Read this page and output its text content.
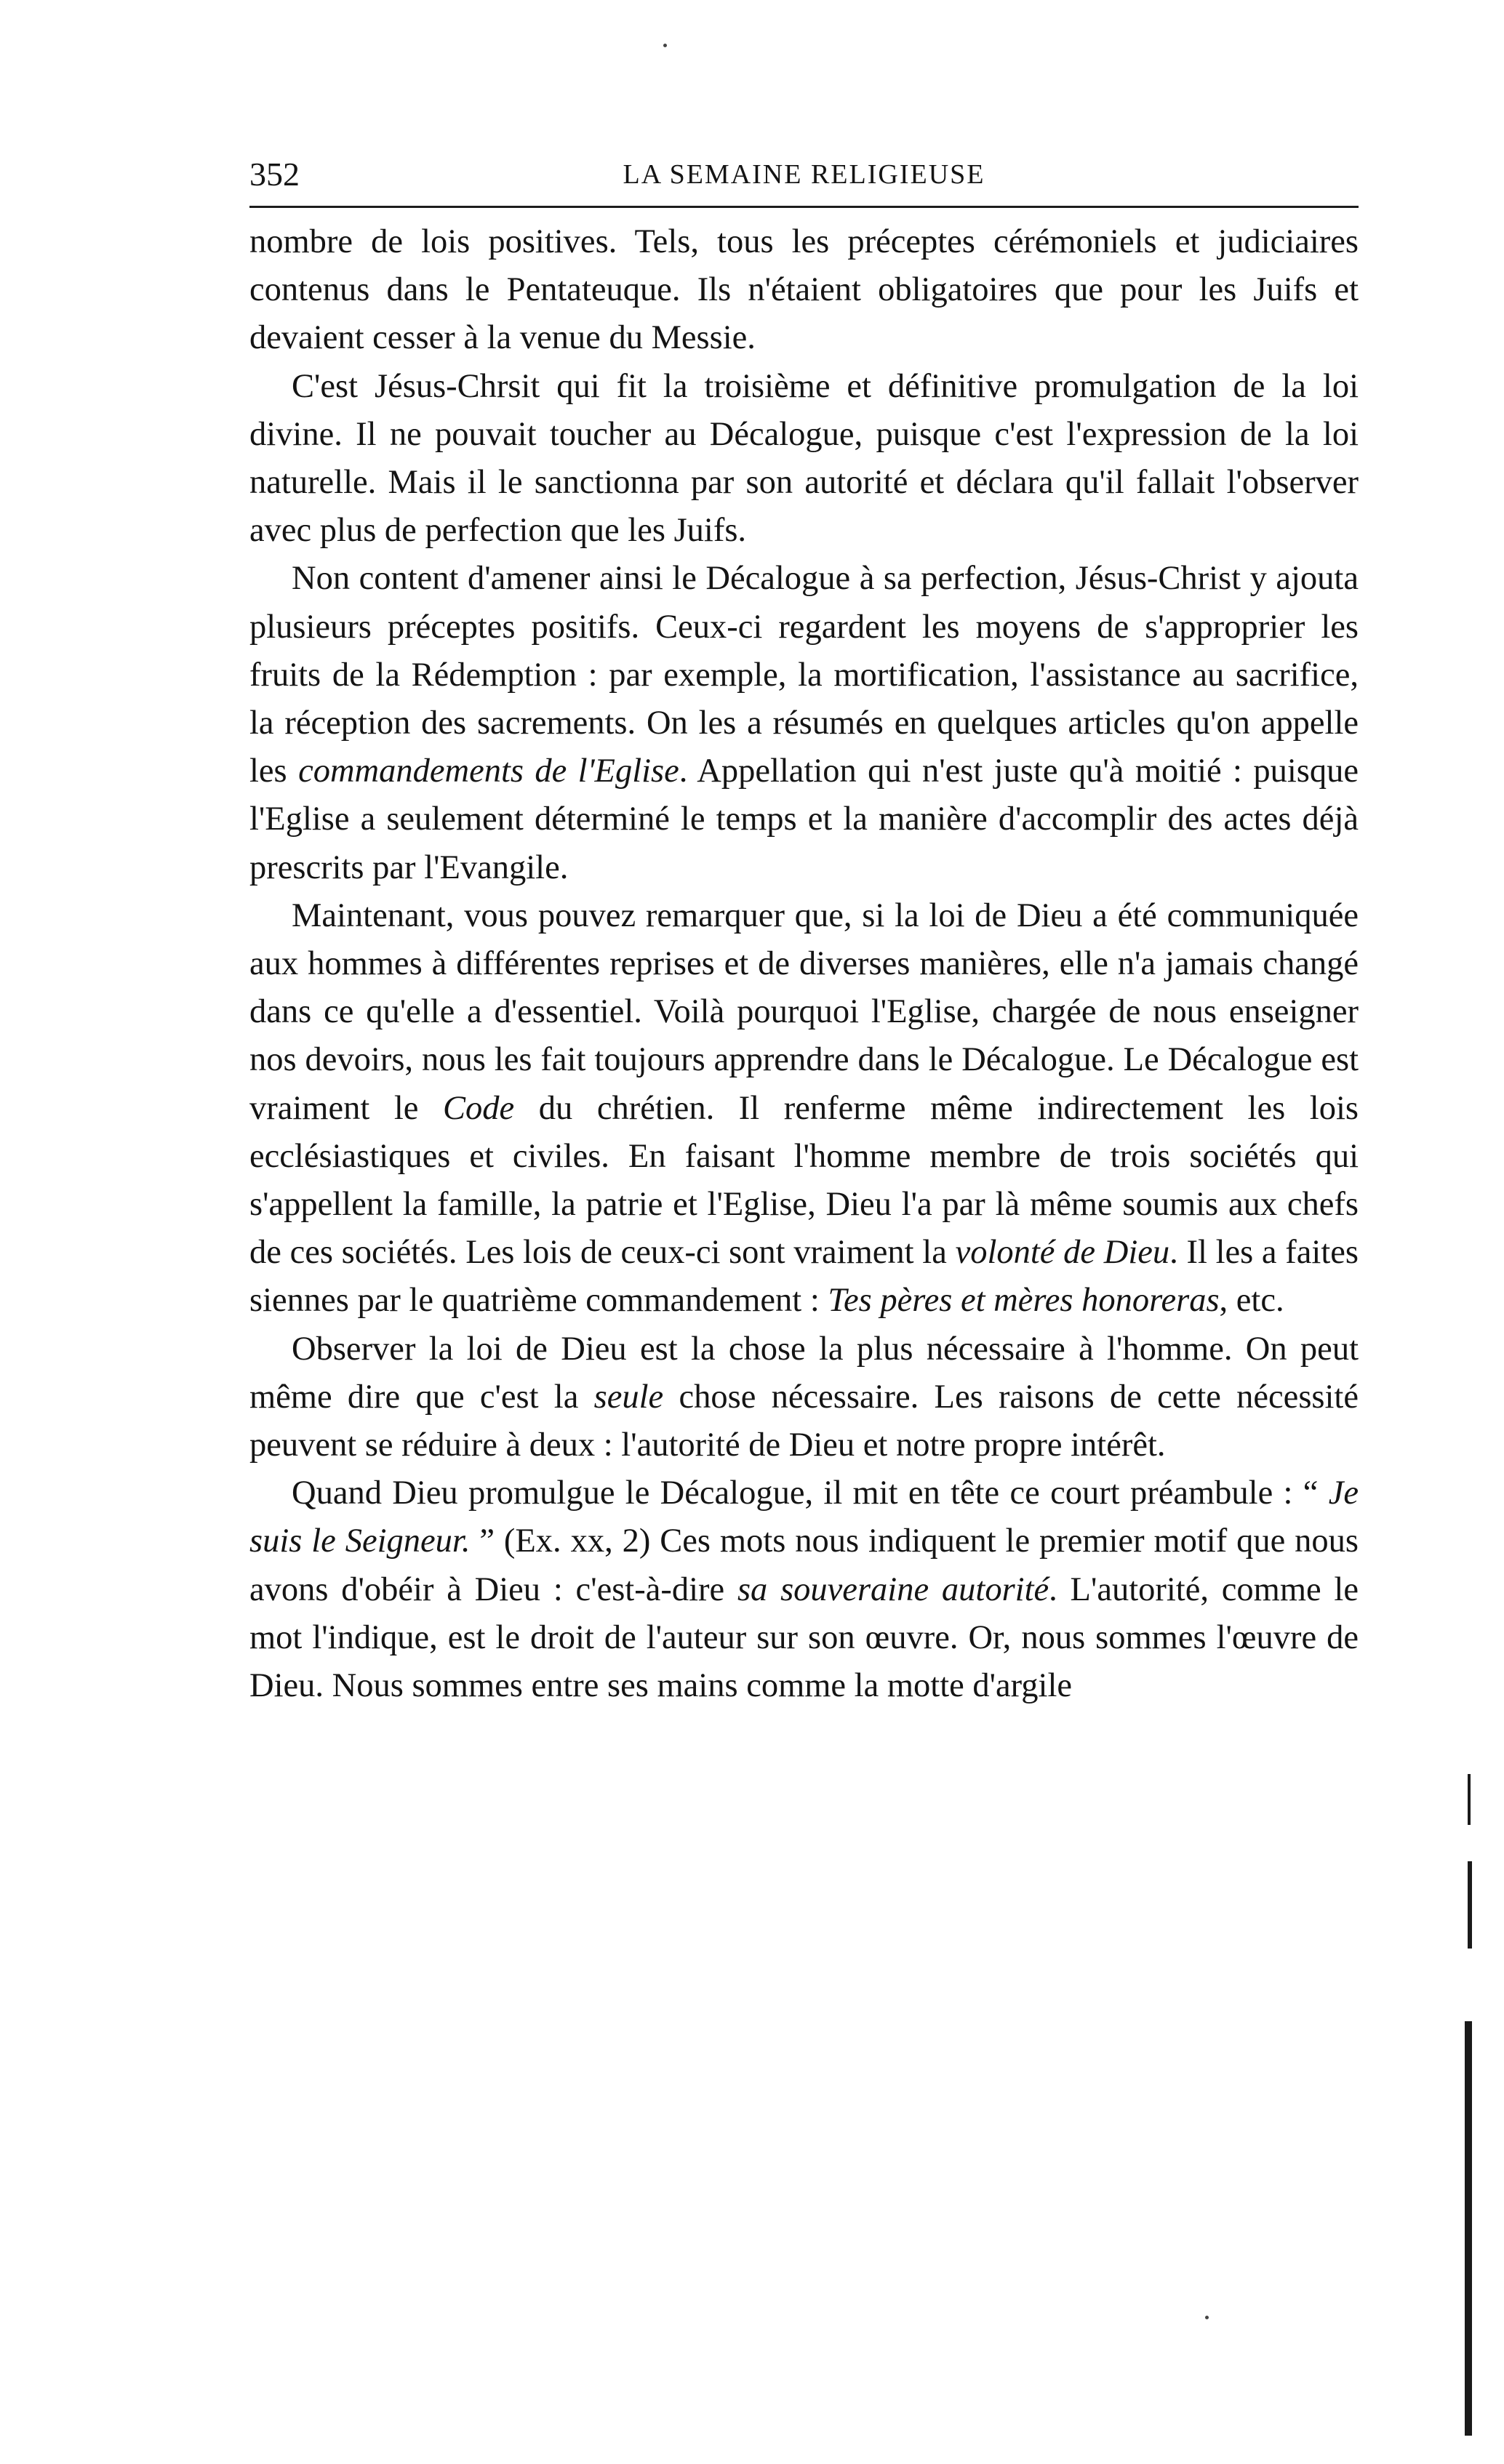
352	LA SEMAINE RELIGIEUSE

nombre de lois positives. Tels, tous les préceptes cérémoniels et judiciaires contenus dans le Pentateuque. Ils n'étaient obligatoires que pour les Juifs et devaient cesser à la venue du Messie.

C'est Jésus-Chrsit qui fit la troisième et définitive promulgation de la loi divine. Il ne pouvait toucher au Décalogue, puisque c'est l'expression de la loi naturelle. Mais il le sanctionna par son autorité et déclara qu'il fallait l'observer avec plus de perfection que les Juifs.

Non content d'amener ainsi le Décalogue à sa perfection, Jésus-Christ y ajouta plusieurs préceptes positifs. Ceux-ci regardent les moyens de s'approprier les fruits de la Rédemption : par exemple, la mortification, l'assistance au sacrifice, la réception des sacrements. On les a résumés en quelques articles qu'on appelle les commandements de l'Eglise. Appellation qui n'est juste qu'à moitié : puisque l'Eglise a seulement déterminé le temps et la manière d'accomplir des actes déjà prescrits par l'Evangile.

Maintenant, vous pouvez remarquer que, si la loi de Dieu a été communiquée aux hommes à différentes reprises et de diverses manières, elle n'a jamais changé dans ce qu'elle a d'essentiel. Voilà pourquoi l'Eglise, chargée de nous enseigner nos devoirs, nous les fait toujours apprendre dans le Décalogue. Le Décalogue est vraiment le Code du chrétien. Il renferme même indirectement les lois ecclésiastiques et civiles. En faisant l'homme membre de trois sociétés qui s'appellent la famille, la patrie et l'Eglise, Dieu l'a par là même soumis aux chefs de ces sociétés. Les lois de ceux-ci sont vraiment la volonté de Dieu. Il les a faites siennes par le quatrième commandement : Tes pères et mères honoreras, etc.

Observer la loi de Dieu est la chose la plus nécessaire à l'homme. On peut même dire que c'est la seule chose nécessaire. Les raisons de cette nécessité peuvent se réduire à deux : l'autorité de Dieu et notre propre intérêt.

Quand Dieu promulgue le Décalogue, il mit en tête ce court préambule : “ Je suis le Seigneur. ” (Ex. xx, 2) Ces mots nous indiquent le premier motif que nous avons d'obéir à Dieu : c'est-à-dire sa souveraine autorité. L'autorité, comme le mot l'indique, est le droit de l'auteur sur son œuvre. Or, nous sommes l'œuvre de Dieu. Nous sommes entre ses mains comme la motte d'argile
